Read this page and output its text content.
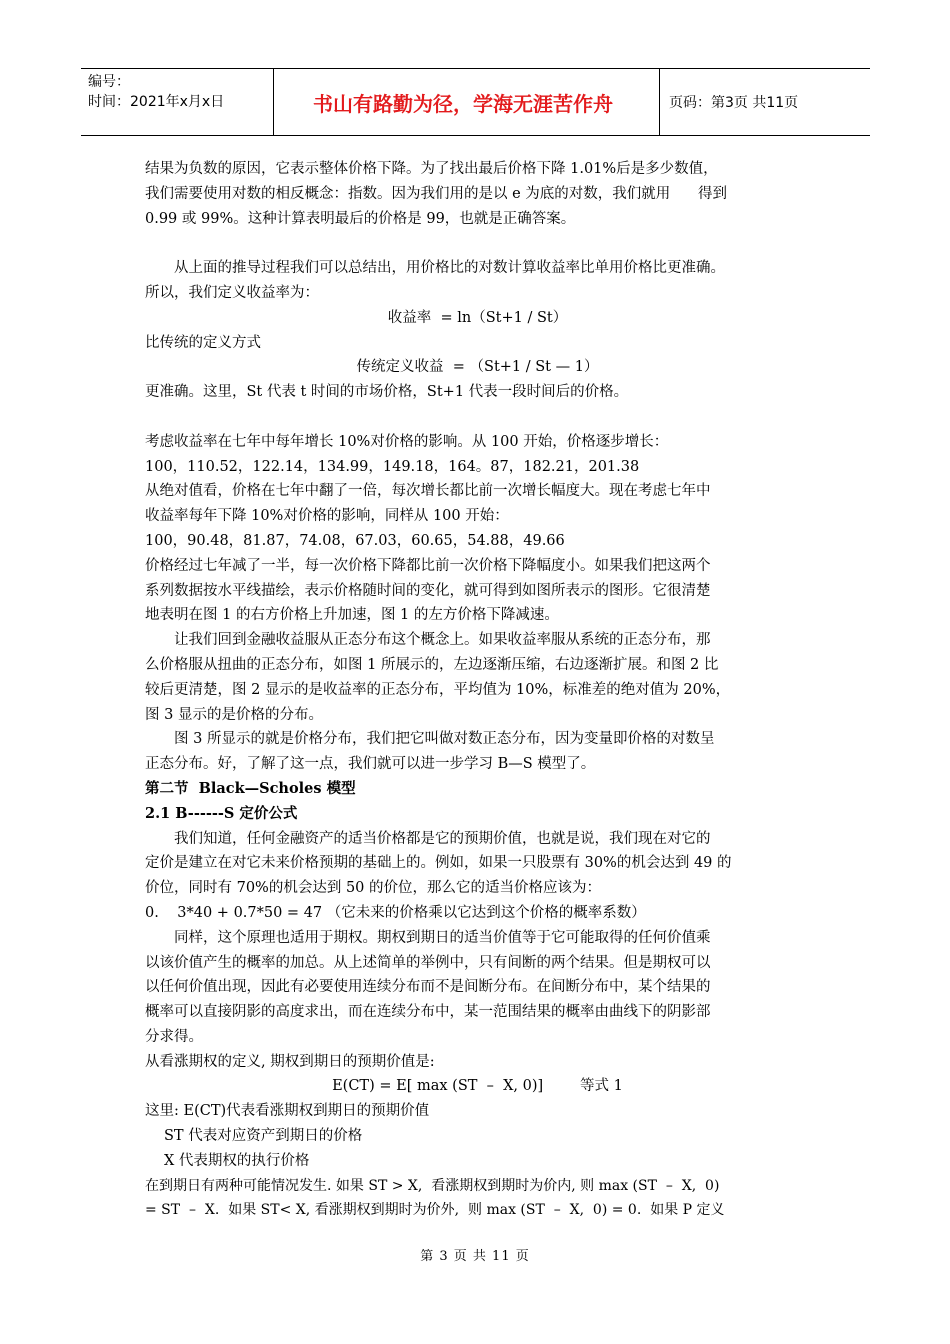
编号：
时间：2021年x月x日	书山有路勤为径，学海无涯苦作舟	页码：第3页 共11页
结果为负数的原因，它表示整体价格下降。为了找出最后价格下降 1.01%后是多少数值，
我们需要使用对数的相反概念：指数。因为我们用的是以 e 为底的对数，我们就用      得到
0.99 或 99%。这种计算表明最后的价格是 99，也就是正确答案。
从上面的推导过程我们可以总结出，用价格比的对数计算收益率比单用价格比更准确。
所以，我们定义收益率为：
收益率  = ln（St+1 / St）
比传统的定义方式
传统定义收益  = （St+1 / St — 1）
更准确。这里，St 代表 t 时间的市场价格，St+1 代表一段时间后的价格。
考虑收益率在七年中每年增长 10%对价格的影响。从 100 开始，价格逐步增长：
100，110.52，122.14，134.99，149.18，164。87，182.21，201.38
从绝对值看，价格在七年中翻了一倍，每次增长都比前一次增长幅度大。现在考虑七年中
收益率每年下降 10%对价格的影响，同样从 100 开始：
100，90.48，81.87，74.08，67.03，60.65，54.88，49.66
价格经过七年减了一半，每一次价格下降都比前一次价格下降幅度小。如果我们把这两个
系列数据按水平线描绘，表示价格随时间的变化，就可得到如图所表示的图形。它很清楚
地表明在图 1 的右方价格上升加速，图 1 的左方价格下降减速。
让我们回到金融收益服从正态分布这个概念上。如果收益率服从系统的正态分布，那
么价格服从扭曲的正态分布，如图 1 所展示的，左边逐渐压缩，右边逐渐扩展。和图 2 比
较后更清楚，图 2 显示的是收益率的正态分布，平均值为 10%，标准差的绝对值为 20%，
图 3 显示的是价格的分布。
图 3 所显示的就是价格分布，我们把它叫做对数正态分布，因为变量即价格的对数呈
正态分布。好，了解了这一点，我们就可以进一步学习 B—S 模型了。
第二节  Black—Scholes 模型
2.1 B------S 定价公式
我们知道，任何金融资产的适当价格都是它的预期价值，也就是说，我们现在对它的
定价是建立在对它未来价格预期的基础上的。例如，如果一只股票有 30%的机会达到 49 的
价位，同时有 70%的机会达到 50 的价位，那么它的适当价格应该为：
0.    3*40 + 0.7*50 = 47 （它未来的价格乘以它达到这个价格的概率系数）
同样，这个原理也适用于期权。期权到期日的适当价值等于它可能取得的任何价值乘
以该价值产生的概率的加总。从上述简单的举例中，只有间断的两个结果。但是期权可以
以任何价值出现，因此有必要使用连续分布而不是间断分布。在间断分布中，某个结果的
概率可以直接阴影的高度求出，而在连续分布中，某一范围结果的概率由曲线下的阴影部
分求得。
从看涨期权的定义, 期权到期日的预期价值是:
E(CT) = E[ max (ST  –  X, 0)]        等式 1
这里: E(CT)代表看涨期权到期日的预期价值
ST 代表对应资产到期日的价格
X 代表期权的执行价格
在到期日有两种可能情况发生. 如果 ST > X,  看涨期权到期时为价内, 则 max (ST  –  X,  0)
= ST  –  X.  如果 ST< X, 看涨期权到期时为价外,  则 max (ST  –  X,  0) = 0.  如果 P 定义
第 3 页 共 11 页
